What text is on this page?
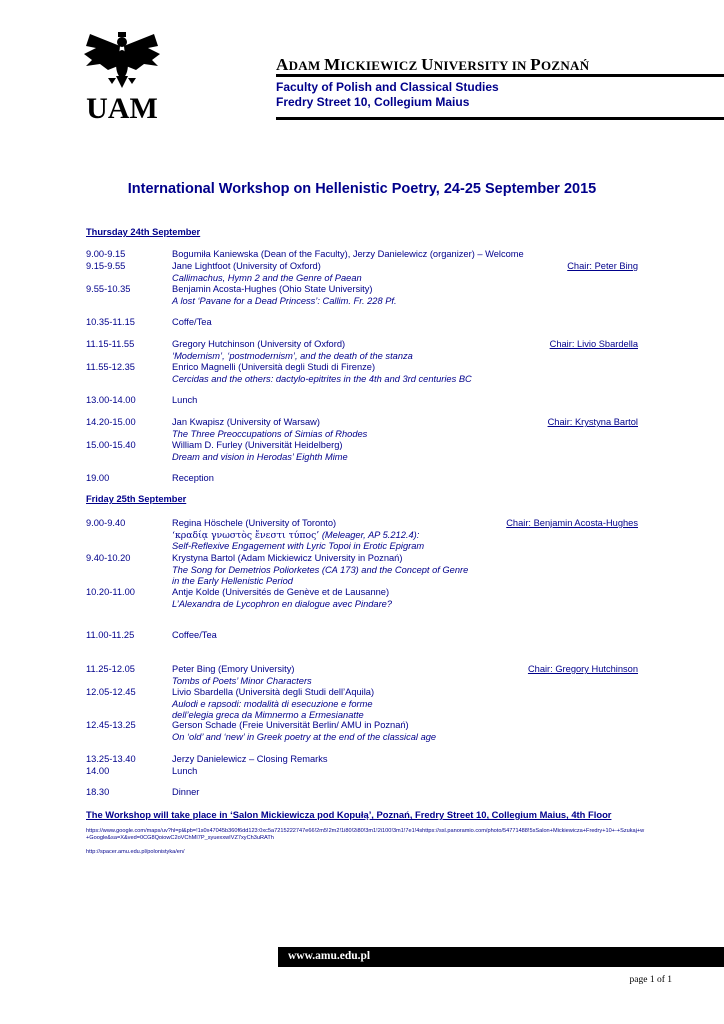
UAM
ADAM MICKIEWICZ UNIVERSITY IN POZNAŃ
Faculty of Polish and Classical Studies
Fredry Street 10, Collegium Maius
International Workshop on Hellenistic Poetry, 24-25 September 2015
Thursday 24th September
9.00-9.15	Bogumiła Kaniewska (Dean of the Faculty), Jerzy Danielewicz (organizer) – Welcome
9.15-9.55	Jane Lightfoot (University of Oxford)
Callimachus, Hymn 2 and the Genre of Paean
Chair: Peter Bing
9.55-10.35	Benjamin Acosta-Hughes (Ohio State University)
A lost ‘Pavane for a Dead Princess’: Callim. Fr. 228 Pf.
10.35-11.15	Coffe/Tea
11.15-11.55	Gregory Hutchinson (University of Oxford)
‘Modernism’, ‘postmodernism’, and the death of the stanza
Chair: Livio Sbardella
11.55-12.35	Enrico Magnelli (Università degli Studi di Firenze)
Cercidas and the others: dactylo-epitrites in the 4th and 3rd centuries BC
13.00-14.00	Lunch
14.20-15.00	Jan Kwapisz (University of Warsaw)
The Three Preoccupations of Simias of Rhodes
Chair: Krystyna Bartol
15.00-15.40	William D. Furley (Universität Heidelberg)
Dream and vision in Herodas’ Eighth Mime
19.00	Reception
Friday 25th September
9.00-9.40	Regina Höschele (University of Toronto)
‘κραδίᾳ γνωστὸς ἔνεστι τύπος’ (Meleager, AP 5.212.4):
Self-Reflexive Engagement with Lyric Topoi in Erotic Epigram
Chair: Benjamin Acosta-Hughes
9.40-10.20	Krystyna Bartol (Adam Mickiewicz University in Poznań)
The Song for Demetrios Poliorketes (CA 173) and the Concept of Genre
in the Early Hellenistic Period
10.20-11.00	Antje Kolde (Universités de Genève et de Lausanne)
L’Alexandra de Lycophron en dialogue avec Pindare?
11.00-11.25	Coffee/Tea
11.25-12.05	Peter Bing (Emory University)
Tombs of Poets’ Minor Characters
Chair: Gregory Hutchinson
12.05-12.45	Livio Sbardella (Università degli Studi dell’Aquila)
Aulodi e rapsodi: modalità di esecuzione e forme
dell’elegia greca da Mimnermo a Ermesianatte
12.45-13.25	Gerson Schade (Freie Universität Berlin/ AMU in Poznań)
On ‘old’ and ‘new’ in Greek poetry at the end of the classical age
13.25-13.40	Jerzy Danielewicz – Closing Remarks
14.00	Lunch
18.30	Dinner
The Workshop will take place in ‘Salon Mickiewicza pod Kopułą’, Poznań, Fredry Street 10, Collegium Maius, 4th Floor
https://www.google.com/maps/uv?hl=pl&pb=!1s0x47045b360f6dd123:0xc5a7215222747e66!2m5!2m2!1i80!2i80!3m1!2i100!3m1!7e1!4shttps://ssl.panoramio.com/photo/54771488!5sSalon+Mickiewicza+Fredry+10+-+Szukaj+w+Google&sa=X&ved=0CG8QoiowC2oVChMI7P_syuexxwIVZ7xyCh3uRATh
http://spacer.amu.edu.pl/polonistyka/en/
www.amu.edu.pl
page 1 of 1
